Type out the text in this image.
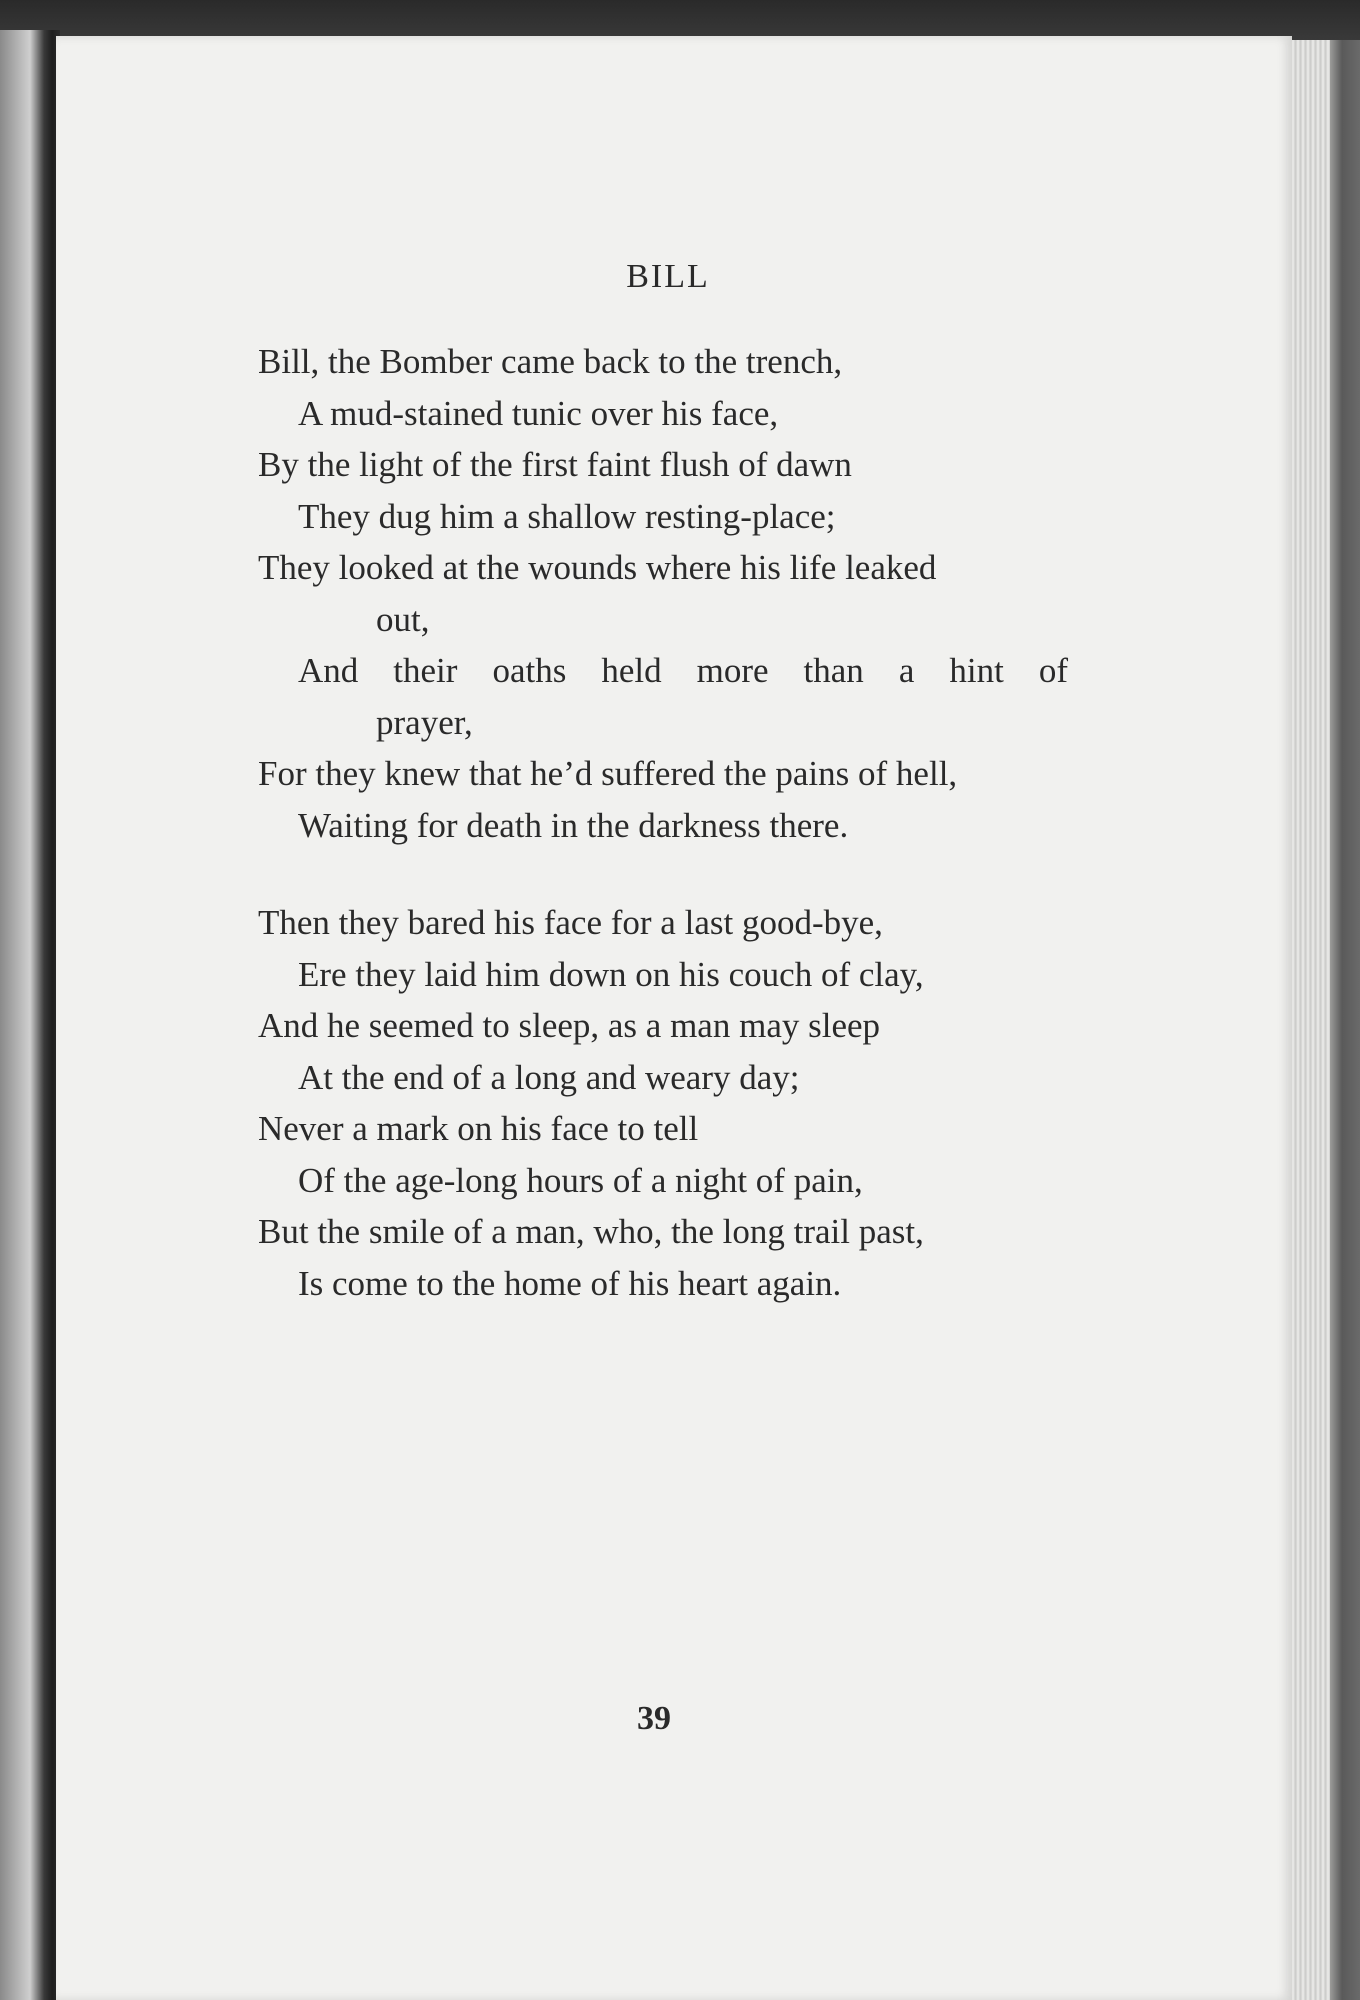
BILL
Bill, the Bomber came back to the trench,
A mud-stained tunic over his face,
By the light of the first faint flush of dawn
They dug him a shallow resting-place;
They looked at the wounds where his life leaked
out,
And their oaths held more than a hint of
prayer,
For they knew that he’d suffered the pains of hell,
Waiting for death in the darkness there.
Then they bared his face for a last good-bye,
Ere they laid him down on his couch of clay,
And he seemed to sleep, as a man may sleep
At the end of a long and weary day;
Never a mark on his face to tell
Of the age-long hours of a night of pain,
But the smile of a man, who, the long trail past,
Is come to the home of his heart again.
39
